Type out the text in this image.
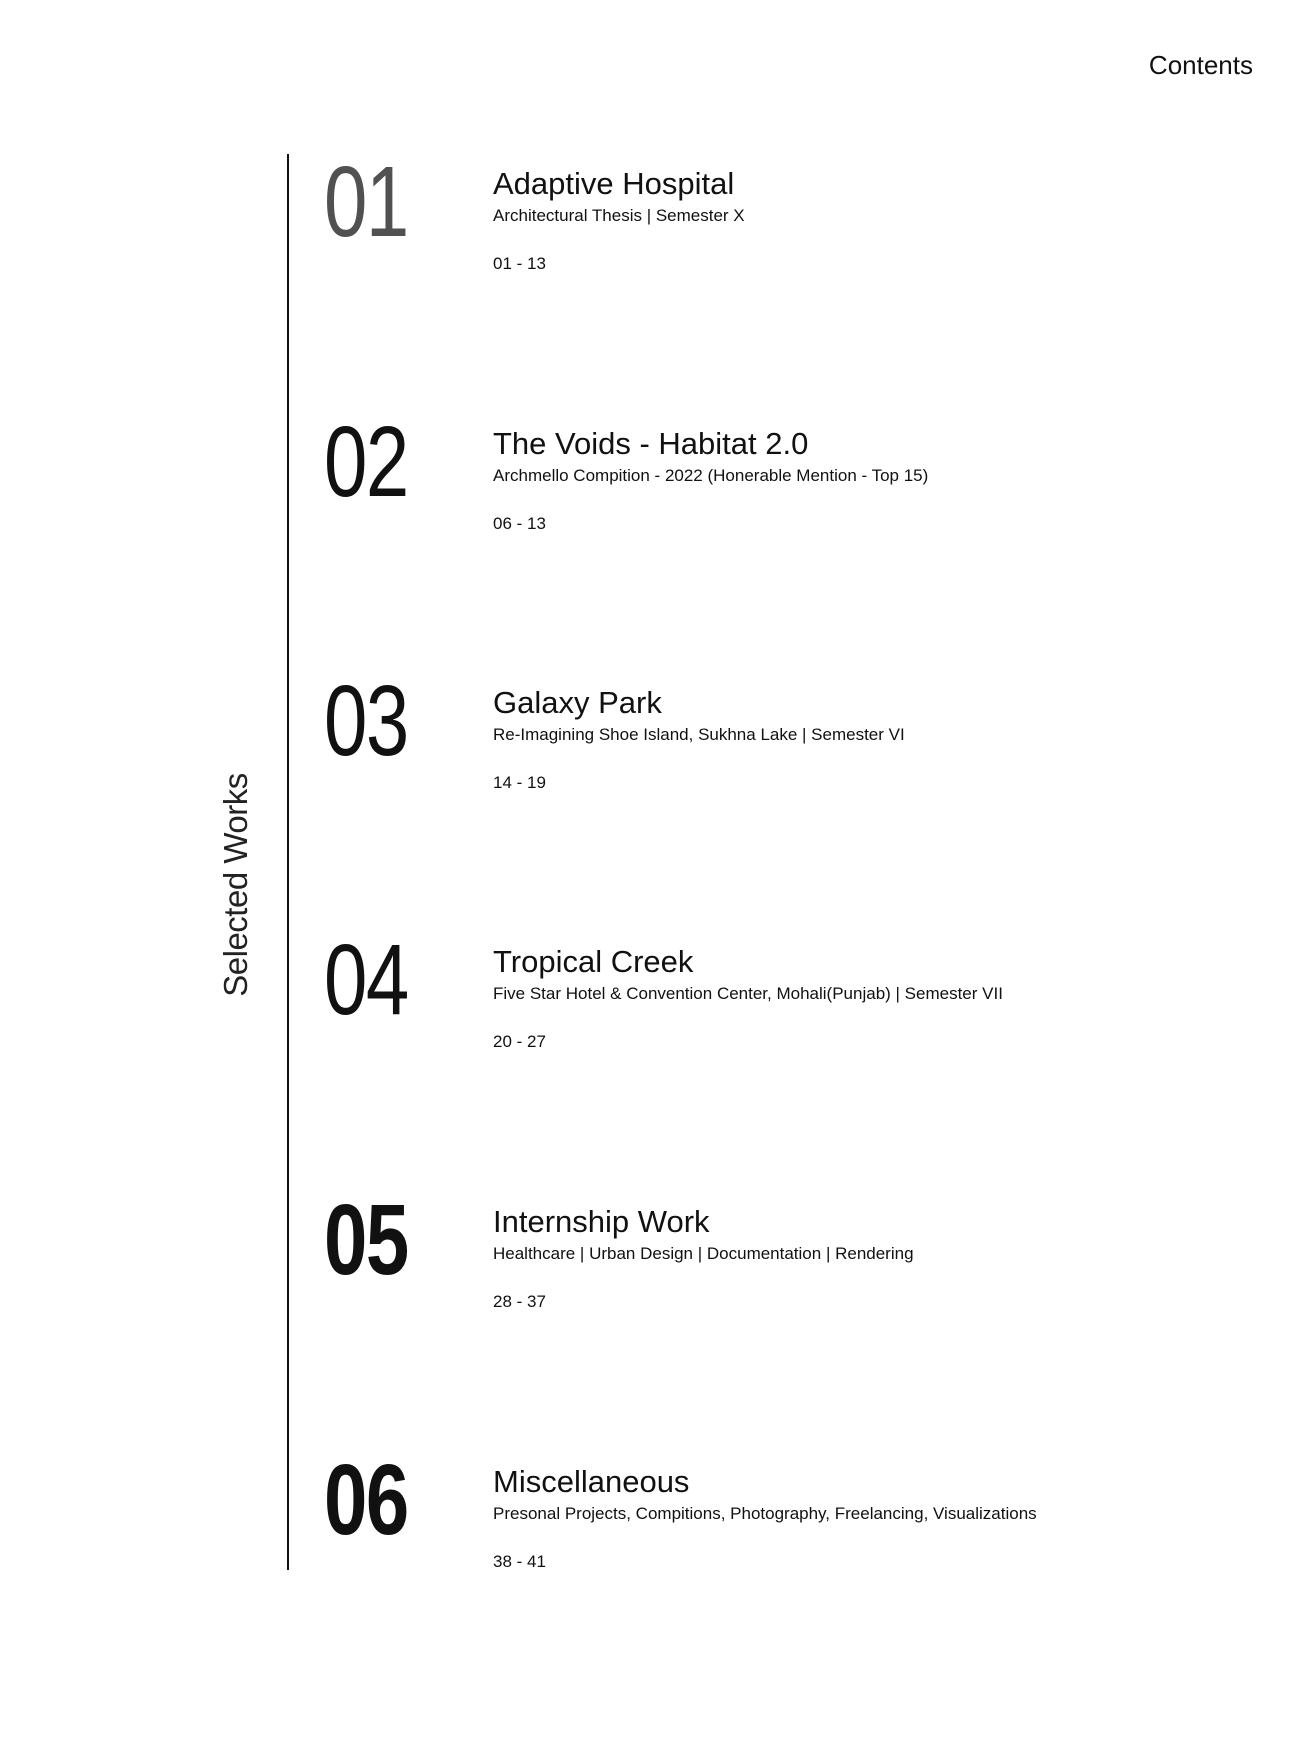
Contents
Selected Works
01	Adaptive Hospital
Architectural Thesis | Semester X
01 - 13
02	The Voids - Habitat 2.0
Archmello Compition - 2022 (Honerable Mention - Top 15)
06 - 13
03	Galaxy Park
Re-Imagining Shoe Island, Sukhna Lake | Semester VI
14 - 19
04	Tropical Creek
Five Star Hotel & Convention Center, Mohali(Punjab) | Semester VII
20 - 27
05	Internship Work
Healthcare | Urban Design | Documentation | Rendering
28 - 37
06	Miscellaneous
Presonal Projects, Compitions, Photography, Freelancing, Visualizations
38 - 41
